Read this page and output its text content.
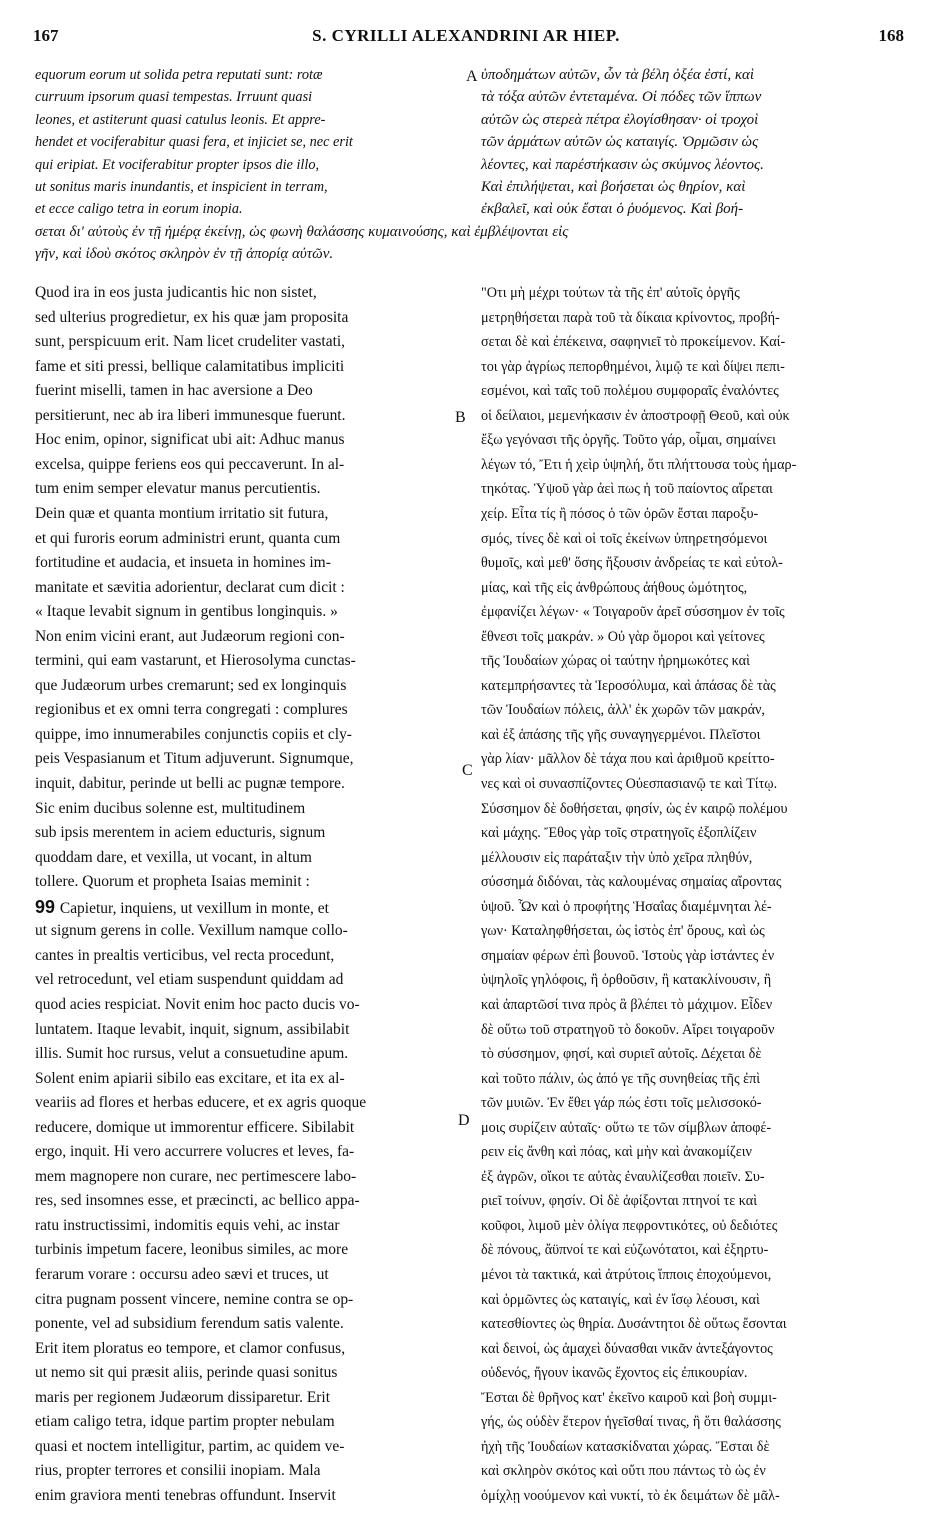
167	S. CYRILLI ALEXANDRINI AR HIEP.	168
equorum eorum ut solida petra reputati sunt: rotæ
curruum ipsorum quasi tempestas. Irruunt quasi
leones, et astiterunt quasi catulus leonis. Et appre-
hendet et vociferabitur quasi fera, et injiciet se, nec erit
qui eripiat. Et vociferabitur propter ipsos die illo,
ut sonitus maris inundantis, et inspicient in terram,
et ecce caligo tetra in eorum inopia.
ὑποδημάτων αὐτῶν, ὧν τὰ βέλη ὀξέα ἐστί, καὶ
τὰ τόξα αὐτῶν ἐντεταμένα. Οἱ πόδες τῶν ἵππων
αὐτῶν ὡς στερεὰ πέτρα ἐλογίσθησαν· οἱ τροχοὶ
τῶν ἁρμάτων αὐτῶν ὡς καταιγίς. Ὁρμῶσιν ὡς
λέοντες, καὶ παρέστήκασιν ὡς σκύμνος λέοντος.
Καὶ ἐπιλήψεται, καὶ βοήσεται ὡς θηρίον, καὶ
ἐκβαλεῖ, καὶ οὐκ ἔσται ὁ ῥυόμενος. Καὶ βοή-
σεται δι' αὐτοὺς ἐν τῇ ἡμέρᾳ ἐκείνῃ, ὡς φωνὴ θαλάσσης κυμαινούσης, καὶ ἐμβλέψονται εἰς
γῆν, καὶ ἰδοὺ σκότος σκληρὸν ἐν τῇ ἀπορίᾳ αὐτῶν.
Quod ira in eos justa judicantis hic non sistet,
sed ulterius progredietur, ex his quæ jam proposita
sunt, perspicuum erit. Nam licet crudeliter vastati,
fame et siti pressi, bellique calamitatibus impliciti
fuerint miselli, tamen in hac aversione a Deo
persitierunt, nec ab ira liberi immunesque fuerunt.
Hoc enim, opinor, significat ubi ait: Adhuc manus
excelsa, quippe feriens eos qui peccaverunt. In al-
tum enim semper elevatur manus percutientis.
Dein quæ et quanta montium irritatio sit futura,
et qui furoris eorum administri erunt, quanta cum
fortitudine et audacia, et insueta in homines im-
manitate et sævitia adorientur, declarat cum dicit :
« Itaque levabit signum in gentibus longinquis. »
Non enim vicini erant, aut Judæorum regioni con-
termini, qui eam vastarunt, et Hierosolyma cunctas-
que Judæorum urbes cremarunt; sed ex longinquis
regionibus et ex omni terra congregati : complures
quippe, imo innumerabiles conjunctis copiis et cly-
peis Vespasianum et Titum adjuverunt. Signumque,
inquit, dabitur, perinde ut belli ac pugnæ tempore.
Sic enim ducibus solenne est, multitudinem
sub ipsis merentem in aciem educturis, signum
quoddam dare, et vexilla, ut vocant, in altum
tollere. Quorum et propheta Isaias meminit :
99 Capietur, inquiens, ut vexillum in monte, et
ut signum gerens in colle. Vexillum namque collo-
cantes in prealtis verticibus, vel recta procedunt,
vel retrocedunt, vel etiam suspendunt quiddam ad
quod acies respiciat. Novit enim hoc pacto ducis vo-
luntatem. Itaque levabit, inquit, signum, assibilabit
illis. Sumit hoc rursus, velut a consuetudine apum.
Solent enim apiarii sibilo eas excitare, et ita ex al-
veariis ad flores et herbas educere, et ex agris quoque
reducere, domique ut immorentur efficere. Sibilabit
ergo, inquit. Hi vero accurrere volucres et leves, fa-
mem magnopere non curare, nec pertimescere labo-
res, sed insomnes esse, et præcincti, ac bellico appa-
ratu instructissimi, indomitis equis vehi, ac instar
turbinis impetum facere, leonibus similes, ac more
ferarum vorare : occursu adeo sævi et truces, ut
citra pugnam possent vincere, nemine contra se op-
ponente, vel ad subsidium ferendum satis valente.
Erit item ploratus eo tempore, et clamor confusus,
ut nemo sit qui præsit aliis, perinde quasi sonitus
maris per regionem Judæorum dissiparetur. Erit
etiam caligo tetra, idque partim propter nebulam
quasi et noctem intelligitur, partim, ac quidem ve-
rius, propter terrores et consilii inopiam. Mala
enim graviora menti tenebras offundunt. Inservit
"Οτι μὴ μέχρι τούτων τὰ τῆς ἐπ' αὐτοῖς ὀργῆς
μετρηθήσεται παρὰ τοῦ τὰ δίκαια κρίνοντος, προβή-
σεται δὲ καὶ ἐπέκεινα, σαφηνιεῖ τὸ προκείμενον. Καί-
τοι γὰρ ἀγρίως πεπορθημένοι, λιμῷ τε καὶ δίψει πεπι-
εσμένοι, καὶ ταῖς τοῦ πολέμου συμφοραῖς ἐναλόντες
οἱ δείλαιοι, μεμενήκασιν ἐν ἀποστροφῇ Θεοῦ, καὶ οὐκ
ἔξω γεγόνασι τῆς ὀργῆς. Τοῦτο γάρ, οἶμαι, σημαίνει
λέγων τό, Ἔτι ἡ χεὶρ ὑψηλή, ὅτι πλήττουσα τοὺς ἡμαρ-
τηκότας. Ὑψοῦ γὰρ ἀεὶ πως ἡ τοῦ παίοντος αἴρεται
χείρ. Εἶτα τίς ἢ πόσος ὁ τῶν ὀρῶν ἔσται παροξυ-
σμός, τίνες δὲ καὶ οἱ τοῖς ἐκείνων ὑπηρετησόμενοι
θυμοῖς, καὶ μεθ' ὅσης ἥξουσιν ἀνδρείας τε καὶ εὐτολ-
μίας, καὶ τῆς εἰς ἀνθρώπους ἀήθους ὠμότητος,
ἐμφανίζει λέγων· « Τοιγαροῦν ἀρεῖ σύσσημον ἐν τοῖς
ἔθνεσι τοῖς μακράν. » Οὐ γὰρ ὅμοροι καὶ γείτονες
τῆς Ἰουδαίων χώρας οἱ ταύτην ἠρημωκότες καὶ
κατεμπρήσαντες τὰ Ἱεροσόλυμα, καὶ ἁπάσας δὲ τὰς
τῶν Ἰουδαίων πόλεις, ἀλλ' ἐκ χωρῶν τῶν μακράν,
καὶ ἐξ ἁπάσης τῆς γῆς συναγηγερμένοι. Πλεῖστοι
γὰρ λίαν· μᾶλλον δὲ τάχα που καὶ ἀριθμοῦ κρείττο-
νες καὶ οἱ συνασπίζοντες Οὐεσπασιανῷ τε καὶ Τίτῳ.
Σύσσημον δὲ δοθήσεται, φησίν, ὡς ἐν καιρῷ πολέμου
καὶ μάχης. Ἔθος γὰρ τοῖς στρατηγοῖς ἐξοπλίζειν
μέλλουσιν εἰς παράταξιν τὴν ὑπὸ χεῖρα πληθύν,
σύσσημά διδόναι, τὰς καλουμένας σημαίας αἴροντας
ὑψοῦ. Ὧν καὶ ὁ προφήτης Ἡσαΐας διαμέμνηται λέ-
γων· Καταληφθήσεται, ὡς ἱστὸς ἐπ' ὄρους, καὶ ὡς
σημαίαν φέρων ἐπὶ βουνοῦ. Ἱστοὺς γὰρ ἱστάντες ἐν
ὑψηλοῖς γηλόφοις, ἢ ὀρθοῦσιν, ἢ κατακλίνουσιν, ἢ
καὶ ἀπαρτῶσί τινα πρὸς ἃ βλέπει τὸ μάχιμον. Εἶδεν
δὲ οὕτω τοῦ στρατηγοῦ τὸ δοκοῦν. Αἴρει τοιγαροῦν
τὸ σύσσημον, φησί, καὶ συριεῖ αὐτοῖς. Δέχεται δὲ
καὶ τοῦτο πάλιν, ὡς ἀπό γε τῆς συνηθείας τῆς ἐπὶ
τῶν μυιῶν. Ἐν ἔθει γάρ πώς ἐστι τοῖς μελισσοκό-
μοις συρίζειν αὐταῖς· οὕτω τε τῶν σίμβλων ἀποφέ-
ρειν εἰς ἄνθη καὶ πόας, καὶ μὴν καὶ ἀνακομίζειν
ἐξ ἀγρῶν, οἴκοι τε αὐτὰς ἐναυλίζεσθαι ποιεῖν. Συ-
ριεῖ τοίνυν, φησίν. Οἱ δὲ ἀφίξονται πτηνοί τε καὶ
κοῦφοι, λιμοῦ μὲν ὀλίγα πεφροντικότες, οὐ δεδιότες
δὲ πόνους, ἄϋπνοί τε καὶ εὐζωνότατοι, καὶ ἐξηρτυ-
μένοι τὰ τακτικά, καὶ ἀτρύτοις ἵπποις ἐποχούμενοι,
καὶ ὁρμῶντες ὡς καταιγίς, καὶ ἐν ἴσῳ λέουσι, καὶ
κατεσθίοντες ὡς θηρία. Δυσάντητοι δὲ οὕτως ἔσονται
καὶ δεινοί, ὡς ἀμαχεὶ δύνασθαι νικᾶν ἀντεξάγοντος
οὐδενός, ἤγουν ἱκανῶς ἔχοντος εἰς ἐπικουρίαν.
Ἔσται δὲ θρῆνος κατ' ἐκεῖνο καιροῦ καὶ βοὴ συμμι-
γής, ὡς οὐδὲν ἕτερον ἡγεῖσθαί τινας, ἢ ὅτι θαλάσσης
ἠχὴ τῆς Ἰουδαίων κατασκίδναται χώρας. Ἔσται δὲ
καὶ σκληρὸν σκότος καὶ οὔτι που πάντως τὸ ὡς ἐν
ὁμίχλῃ νοούμενον καὶ νυκτί, τὸ ἐκ δειμάτων δὲ μᾶλ-
A
B
C
D
